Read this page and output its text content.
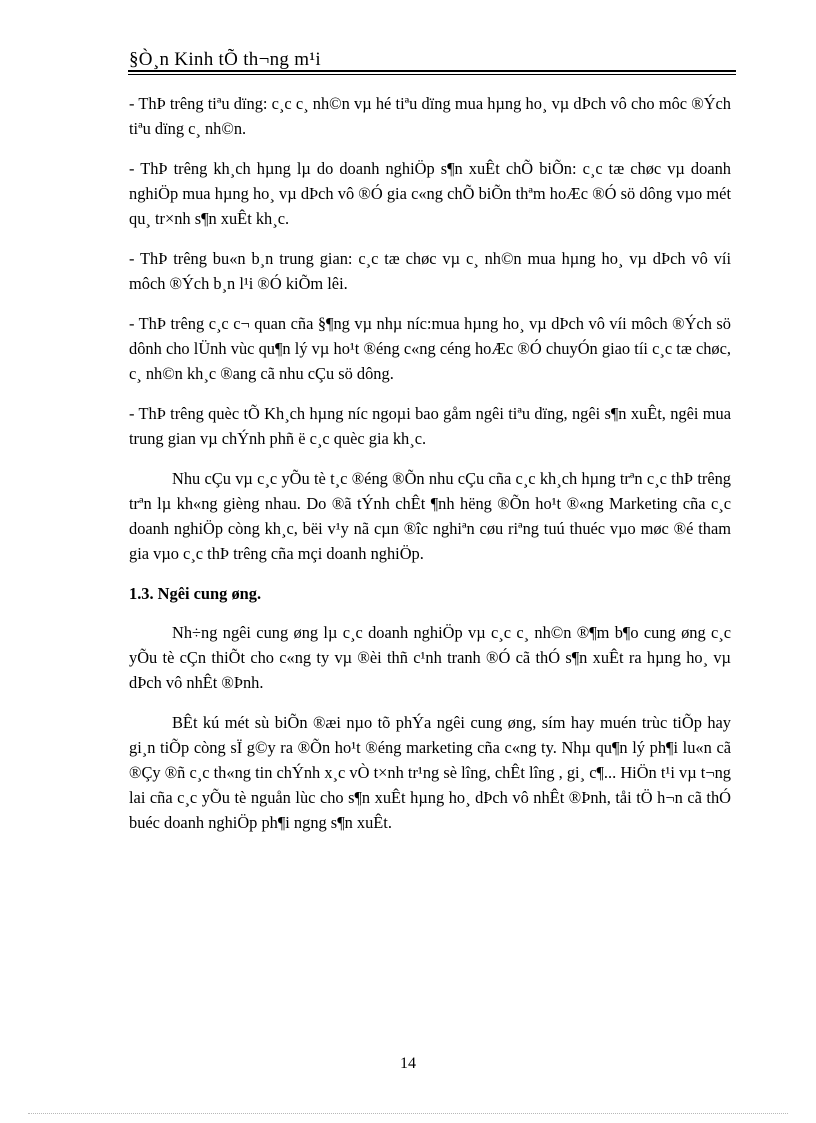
§Ò¸n Kinh tÕ th¬ng m¹i

- ThÞ trêng tiªu dïng: c¸c c¸ nh©n vµ hé tiªu dïng mua hµng ho¸ vµ dÞch vô cho môc ®Ých tiªu dïng c¸ nh©n.

- ThÞ trêng kh¸ch hµng lµ do doanh nghiÖp s¶n xuÊt chÕ biÕn: c¸c tæ chøc vµ doanh nghiÖp mua hµng ho¸ vµ dÞch vô ®Ó gia c«ng chÕ biÕn thªm hoÆc ®Ó sö dông vµo mét qu¸ tr×nh s¶n xuÊt kh¸c.

- ThÞ trêng bu«n b¸n trung gian: c¸c tæ chøc vµ c¸ nh©n mua hµng ho¸ vµ dÞch vô víi môch ®Ých b¸n l¹i ®Ó kiÕm lêi.

- ThÞ trêng c¸c c¬ quan cña §¶ng vµ nhµ níc:mua hµng ho¸ vµ dÞch vô víi môch ®Ých sö dônh cho lÜnh vùc qu¶n lý vµ ho¹t ®éng c«ng céng hoÆc ®Ó chuyÓn giao tíi c¸c tæ chøc, c¸ nh©n kh¸c ®ang cã nhu cÇu sö dông.

- ThÞ trêng quèc tÕ Kh¸ch hµng níc ngoµi bao gåm ngêi tiªu dïng, ngêi s¶n xuÊt, ngêi mua trung gian vµ chÝnh phñ ë c¸c quèc gia kh¸c.

Nhu cÇu vµ c¸c yÕu tè t¸c ®éng ®Õn nhu cÇu cña c¸c kh¸ch hµng trªn c¸c thÞ trêng trªn lµ kh«ng gièng nhau. Do ®ã tÝnh chÊt ¶nh hëng ®Õn ho¹t ®«ng Marketing cña c¸c doanh nghiÖp còng kh¸c, bëi v¹y nã cµn ®îc nghiªn cøu riªng tuú thuéc vµo møc ®é tham gia vµo c¸c thÞ trêng cña mçi doanh nghiÖp.

1.3. Ngêi cung øng.

Nh÷ng ngêi cung øng lµ c¸c doanh nghiÖp vµ c¸c c¸ nh©n ®¶m b¶o cung øng c¸c yÕu tè cÇn thiÕt cho c«ng ty vµ ®èi thñ c¹nh tranh ®Ó cã thÓ s¶n xuÊt ra hµng ho¸ vµ dÞch vô nhÊt ®Þnh.

BÊt kú mét sù biÕn ®æi nµo tõ phÝa ngêi cung øng, sím hay muén trùc tiÕp hay gi¸n tiÕp còng sÏ g©y ra ®Õn ho¹t ®éng marketing cña c«ng ty. Nhµ qu¶n lý ph¶i lu«n cã ®Çy ®ñ c¸c th«ng tin chÝnh x¸c vÒ t×nh tr¹ng sè lîng, chÊt lîng , gi¸ c¶... HiÖn t¹i vµ t¬ng lai cña c¸c yÕu tè nguån lùc cho s¶n xuÊt hµng ho¸ dÞch vô nhÊt ®Þnh, tåi tÖ h¬n cã thÓ buéc doanh nghiÖp ph¶i ngng s¶n xuÊt.

14
